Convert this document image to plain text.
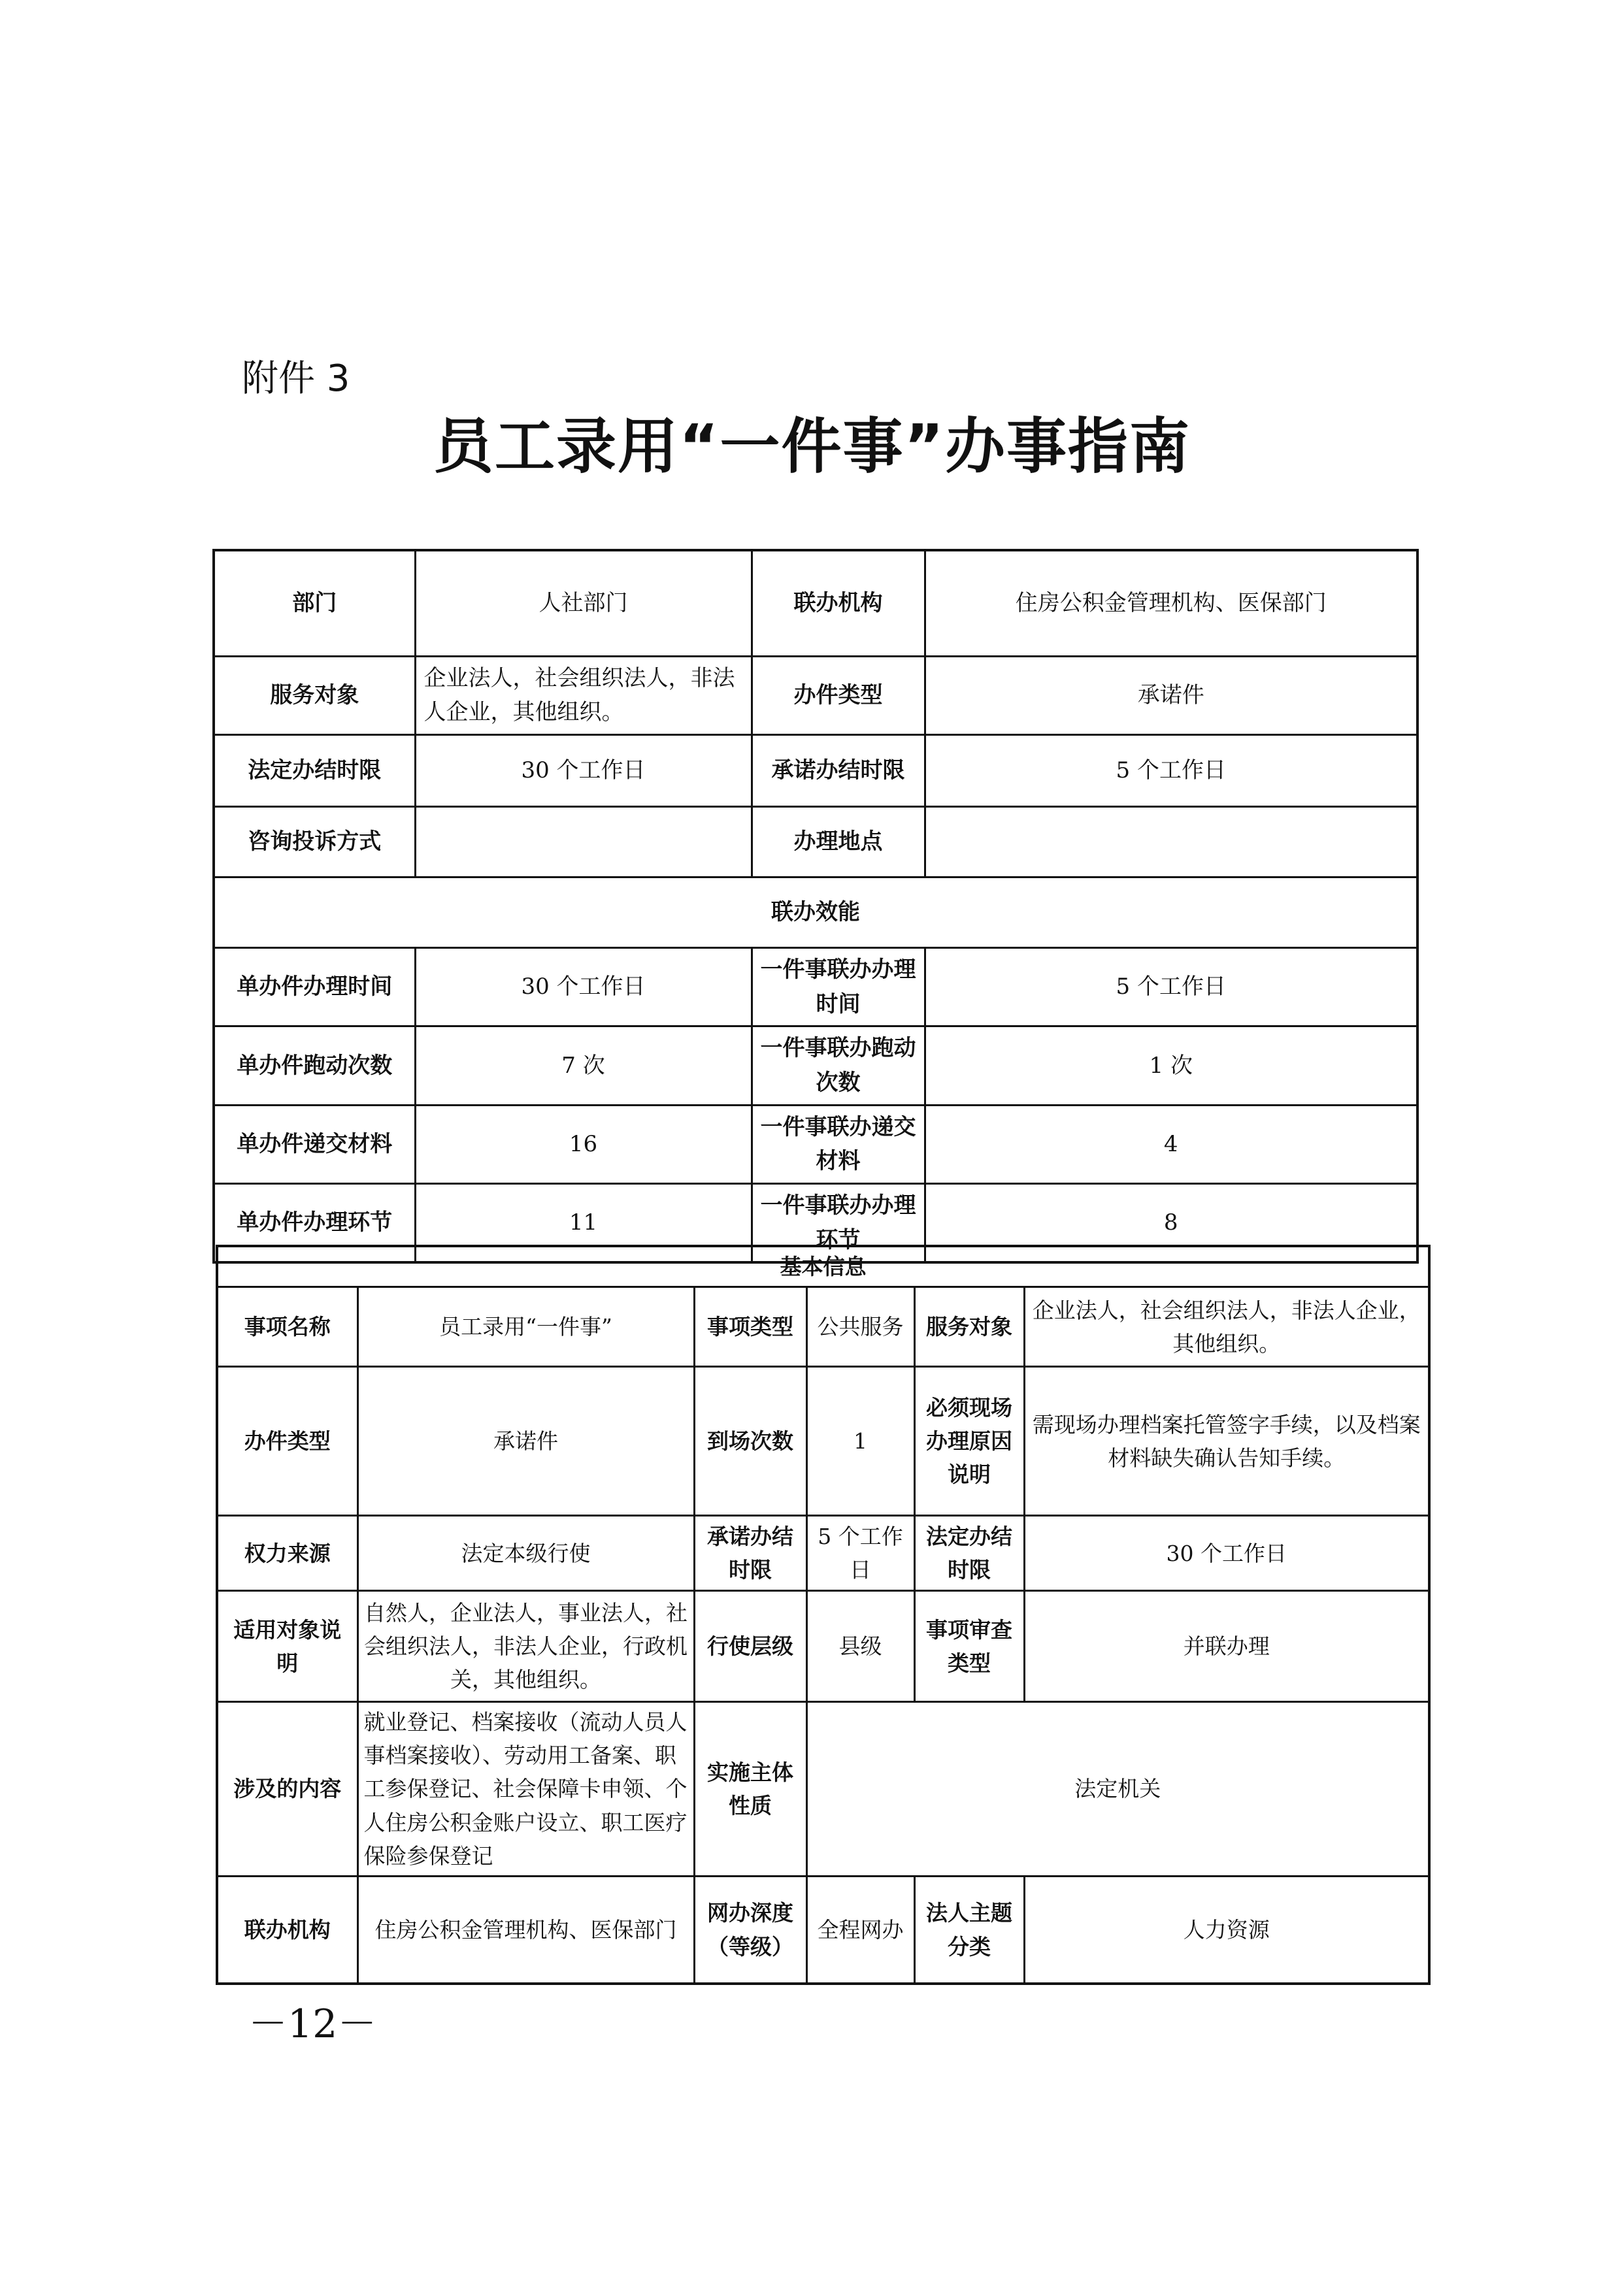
附件 3
员工录用“一件事”办事指南
部门	人社部门	联办机构	住房公积金管理机构、医保部门
服务对象	企业法人，社会组织法人，非法人企业，其他组织。	办件类型	承诺件
法定办结时限	30 个工作日	承诺办结时限	5 个工作日
咨询投诉方式		办理地点	
联办效能			
单办件办理时间	30 个工作日	一件事联办办理时间	5 个工作日
单办件跑动次数	7 次	一件事联办跑动次数	1 次
单办件递交材料	16	一件事联办递交材料	4
单办件办理环节	11	一件事联办办理环节	8
基本信息					
事项名称	员工录用“一件事”	事项类型	公共服务	服务对象	企业法人，社会组织法人，非法人企业，其他组织。
办件类型	承诺件	到场次数	1	必须现场办理原因说明	需现场办理档案托管签字手续，以及档案材料缺失确认告知手续。
权力来源	法定本级行使	承诺办结时限	5 个工作日	法定办结时限	30 个工作日
适用对象说明	自然人，企业法人，事业法人，社会组织法人，非法人企业，行政机关，其他组织。	行使层级	县级	事项审查类型	并联办理
涉及的内容	就业登记、档案接收（流动人员人事档案接收）、劳动用工备案、职工参保登记、社会保障卡申领、个人住房公积金账户设立、职工医疗保险参保登记	实施主体性质	法定机关		
联办机构	住房公积金管理机构、医保部门	网办深度（等级）	全程网办	法人主题分类	人力资源
－12－
